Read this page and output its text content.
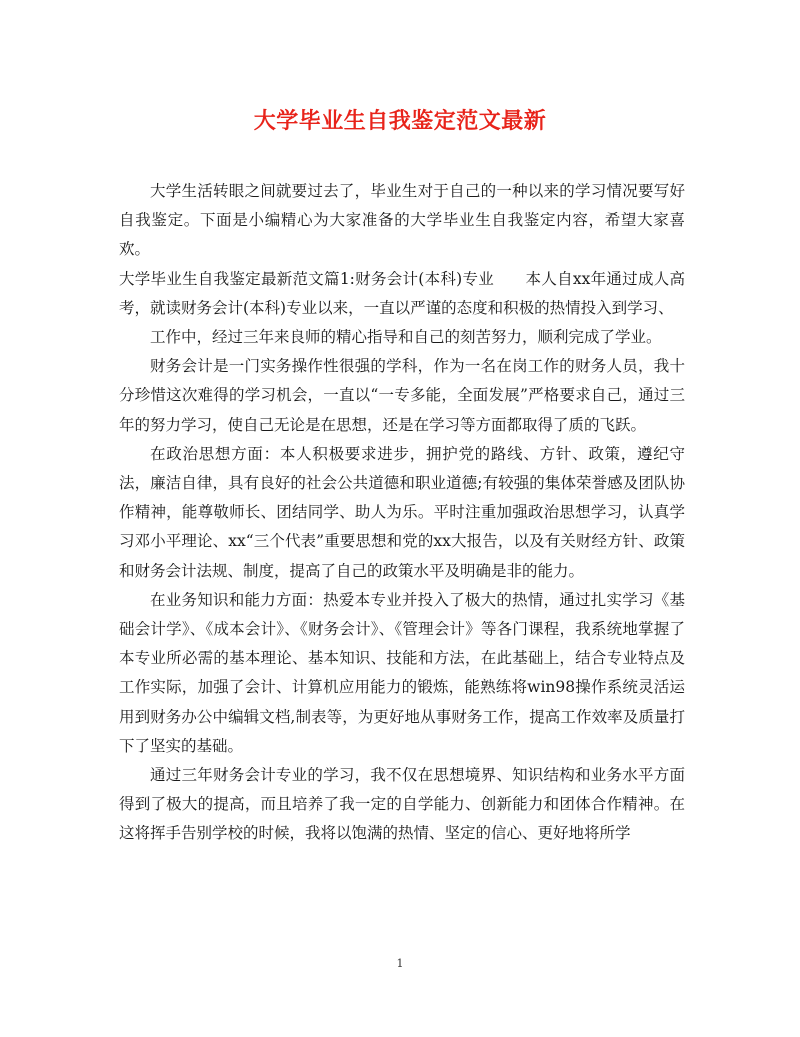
大学毕业生自我鉴定范文最新

大学生活转眼之间就要过去了，毕业生对于自己的一种以来的学习情况要写好自我鉴定。下面是小编精心为大家准备的大学毕业生自我鉴定内容，希望大家喜欢。

大学毕业生自我鉴定最新范文篇1:财务会计(本科)专业　　本人自xx年通过成人高考，就读财务会计(本科)专业以来，一直以严谨的态度和积极的热情投入到学习、

工作中，经过三年来良师的精心指导和自己的刻苦努力，顺利完成了学业。

财务会计是一门实务操作性很强的学科，作为一名在岗工作的财务人员，我十分珍惜这次难得的学习机会，一直以“一专多能，全面发展”严格要求自己，通过三年的努力学习，使自己无论是在思想，还是在学习等方面都取得了质的飞跃。

在政治思想方面：本人积极要求进步，拥护党的路线、方针、政策，遵纪守法，廉洁自律，具有良好的社会公共道德和职业道德;有较强的集体荣誉感及团队协作精神，能尊敬师长、团结同学、助人为乐。平时注重加强政治思想学习，认真学习邓小平理论、xx“三个代表”重要思想和党的xx大报告，以及有关财经方针、政策和财务会计法规、制度，提高了自己的政策水平及明确是非的能力。

在业务知识和能力方面：热爱本专业并投入了极大的热情，通过扎实学习《基础会计学》、《成本会计》、《财务会计》、《管理会计》等各门课程，我系统地掌握了本专业所必需的基本理论、基本知识、技能和方法，在此基础上，结合专业特点及工作实际，加强了会计、计算机应用能力的锻炼，能熟练将win98操作系统灵活运用到财务办公中编辑文档,制表等，为更好地从事财务工作，提高工作效率及质量打下了坚实的基础。

通过三年财务会计专业的学习，我不仅在思想境界、知识结构和业务水平方面得到了极大的提高，而且培养了我一定的自学能力、创新能力和团体合作精神。在这将挥手告别学校的时候，我将以饱满的热情、坚定的信心、更好地将所学

1
